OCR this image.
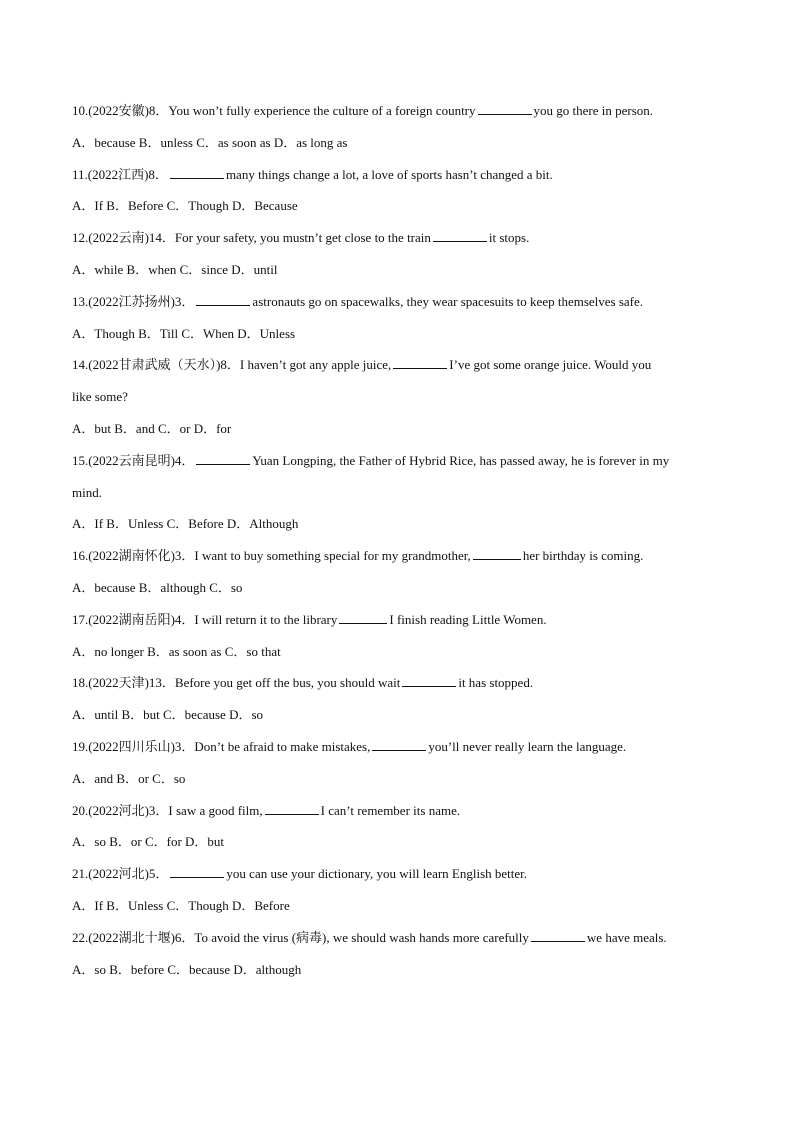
10.(2022安徽)8．You won’t fully experience the culture of a foreign country	you go there in person.
A．because B．unless C．as soon as D．as long as
11.(2022江西)8．	many things change a lot, a love of sports hasn’t changed a bit.
A．If B．Before C．Though D．Because
12.(2022云南)14．For your safety, you mustn’t get close to the train	it stops.
A．while B．when C．since D．until
13.(2022江苏扬州)3．	astronauts go on spacewalks, they wear spacesuits to keep themselves safe.
A．Though B．Till C．When D．Unless
14.(2022甘肃武威（天水）)8．I haven’t got any apple juice,	I’ve got some orange juice. Would you
like some?
A．but B．and C．or D．for
15.(2022云南昆明)4．	Yuan Longping, the Father of Hybrid Rice, has passed away, he is forever in my
mind.
A．If B．Unless C．Before D．Although
16.(2022湖南怀化)3．I want to buy something special for my grandmother,	her birthday is coming.
A．because B．although C．so
17.(2022湖南岳阳)4．I will return it to the library	I finish reading Little Women.
A．no longer B．as soon as C．so that
18.(2022天津)13．Before you get off the bus, you should wait	it has stopped.
A．until B．but C．because D．so
19.(2022四川乐山)3．Don’t be afraid to make mistakes,	you’ll never really learn the language.
A．and B．or C．so
20.(2022河北)3．I saw a good film,	I can’t remember its name.
A．so B．or C．for D．but
21.(2022河北)5．	you can use your dictionary, you will learn English better.
A．If B．Unless C．Though D．Before
22.(2022湖北十堰)6．To avoid the virus (病毒), we should wash hands more carefully	we have meals.
A．so B．before C．because D．although
